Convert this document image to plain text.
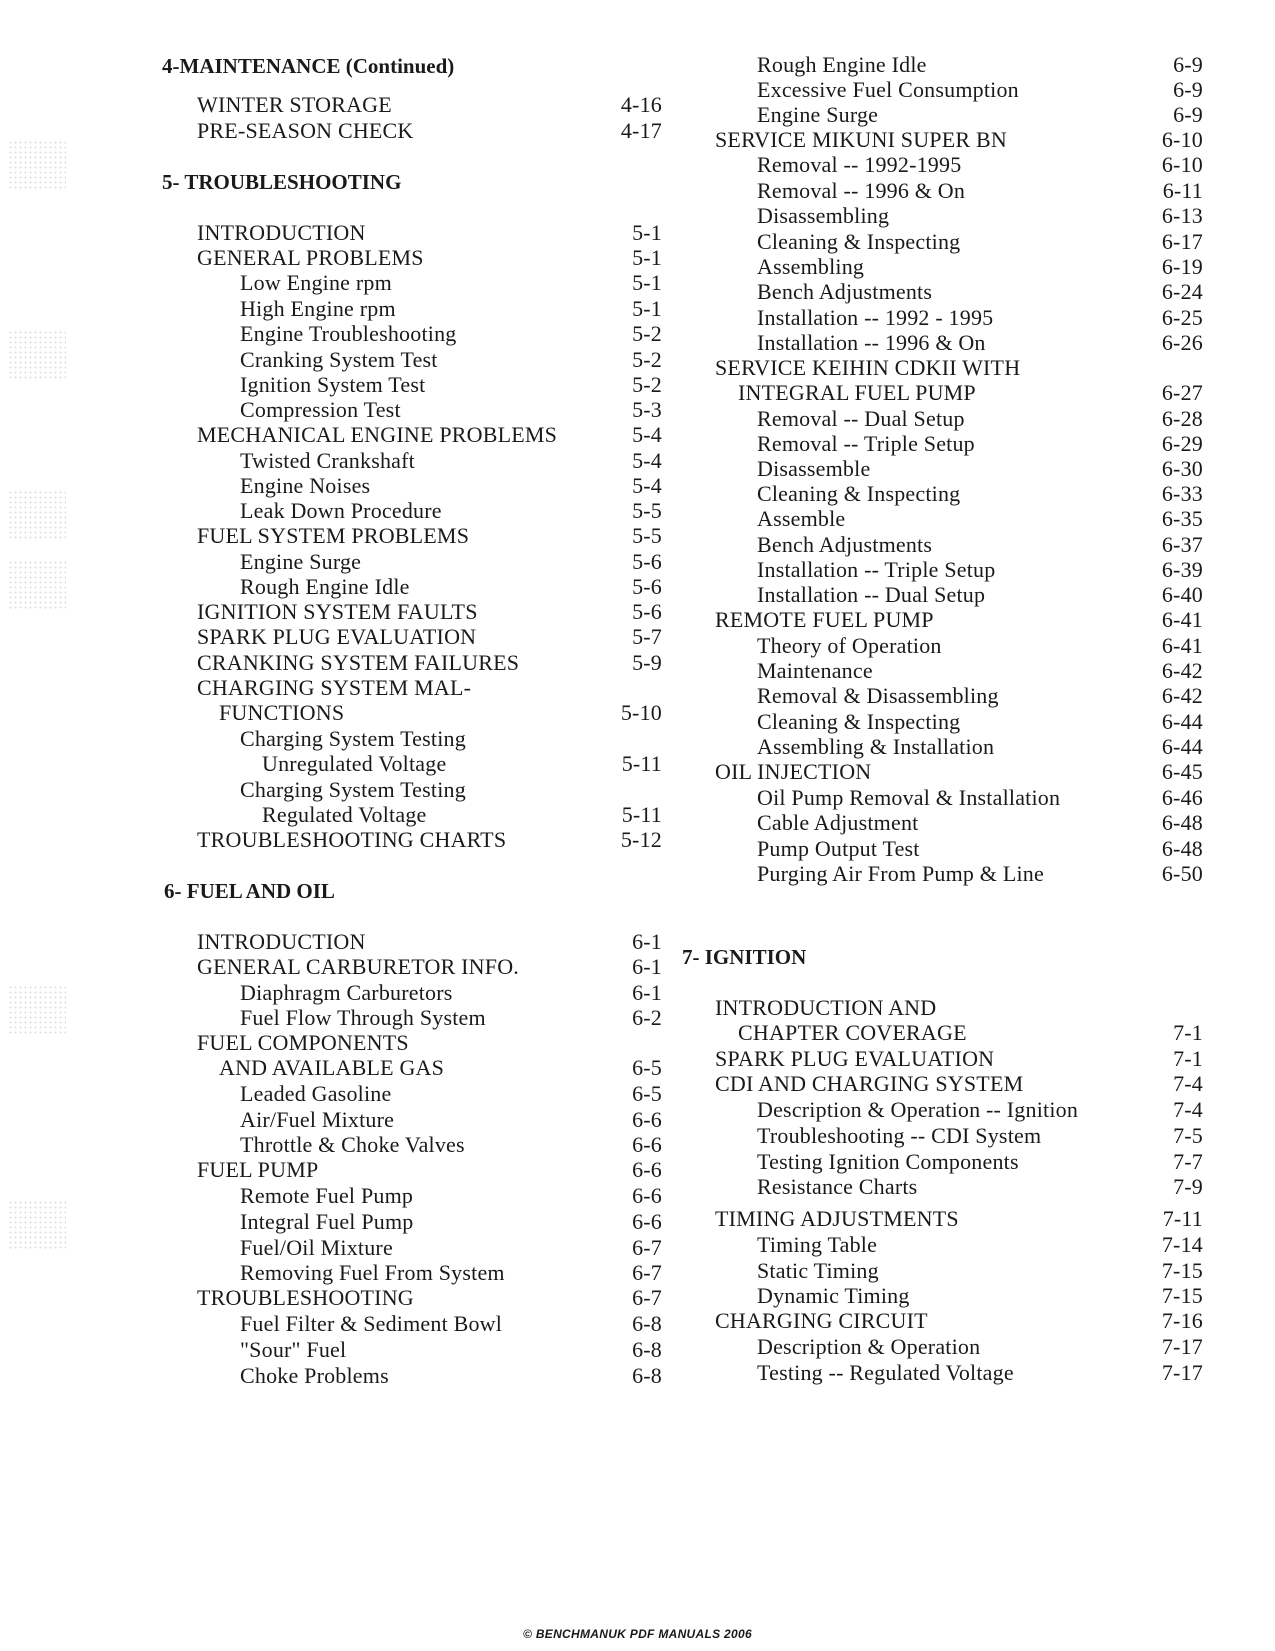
4-MAINTENANCE (Continued)
WINTER STORAGE	4-16
PRE-SEASON CHECK	4-17
5- TROUBLESHOOTING
INTRODUCTION	5-1
GENERAL PROBLEMS	5-1
Low Engine rpm	5-1
High Engine rpm	5-1
Engine Troubleshooting	5-2
Cranking System Test	5-2
Ignition System Test	5-2
Compression Test	5-3
MECHANICAL ENGINE PROBLEMS	5-4
Twisted Crankshaft	5-4
Engine Noises	5-4
Leak Down Procedure	5-5
FUEL SYSTEM PROBLEMS	5-5
Engine Surge	5-6
Rough Engine Idle	5-6
IGNITION SYSTEM FAULTS	5-6
SPARK PLUG EVALUATION	5-7
CRANKING SYSTEM FAILURES	5-9
CHARGING SYSTEM MAL-
FUNCTIONS	5-10
Charging System Testing
Unregulated Voltage	5-11
Charging System Testing
Regulated Voltage	5-11
TROUBLESHOOTING CHARTS	5-12
6- FUEL AND OIL
INTRODUCTION	6-1
GENERAL CARBURETOR INFO.	6-1
Diaphragm Carburetors	6-1
Fuel Flow Through System	6-2
FUEL COMPONENTS
AND AVAILABLE GAS	6-5
Leaded Gasoline	6-5
Air/Fuel Mixture	6-6
Throttle & Choke Valves	6-6
FUEL PUMP	6-6
Remote Fuel Pump	6-6
Integral Fuel Pump	6-6
Fuel/Oil Mixture	6-7
Removing Fuel From System	6-7
TROUBLESHOOTING	6-7
Fuel Filter & Sediment Bowl	6-8
"Sour" Fuel	6-8
Choke Problems	6-8
Rough Engine Idle	6-9
Excessive Fuel Consumption	6-9
Engine Surge	6-9
SERVICE MIKUNI SUPER BN	6-10
Removal -- 1992-1995	6-10
Removal -- 1996 & On	6-11
Disassembling	6-13
Cleaning & Inspecting	6-17
Assembling	6-19
Bench Adjustments	6-24
Installation -- 1992 - 1995	6-25
Installation -- 1996 & On	6-26
SERVICE KEIHIN CDKII WITH
INTEGRAL FUEL PUMP	6-27
Removal -- Dual Setup	6-28
Removal -- Triple Setup	6-29
Disassemble	6-30
Cleaning & Inspecting	6-33
Assemble	6-35
Bench Adjustments	6-37
Installation -- Triple Setup	6-39
Installation -- Dual Setup	6-40
REMOTE FUEL PUMP	6-41
Theory of Operation	6-41
Maintenance	6-42
Removal & Disassembling	6-42
Cleaning & Inspecting	6-44
Assembling & Installation	6-44
OIL INJECTION	6-45
Oil Pump Removal & Installation	6-46
Cable Adjustment	6-48
Pump Output Test	6-48
Purging Air From Pump & Line	6-50
7- IGNITION
INTRODUCTION AND
CHAPTER COVERAGE	7-1
SPARK PLUG EVALUATION	7-1
CDI AND CHARGING SYSTEM	7-4
Description & Operation -- Ignition	7-4
Troubleshooting -- CDI System	7-5
Testing Ignition Components	7-7
Resistance Charts	7-9
TIMING ADJUSTMENTS	7-11
Timing Table	7-14
Static Timing	7-15
Dynamic Timing	7-15
CHARGING CIRCUIT	7-16
Description & Operation	7-17
Testing -- Regulated Voltage	7-17
© BENCHMANUK PDF MANUALS 2006
